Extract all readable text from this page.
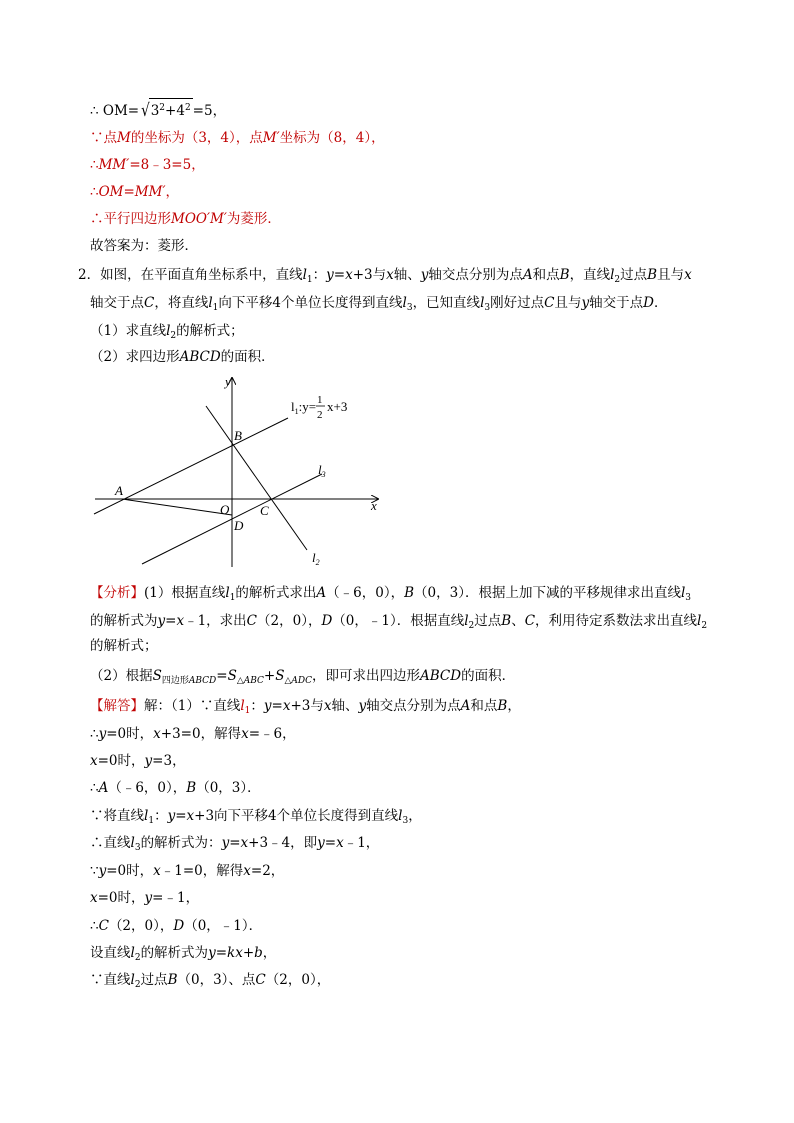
∴ $OM= √3^2+4^2 =5$，
∵点M的坐标为（3，4），点M′坐标为（8，4），
∴MM′=8﹣3=5，
∴OM=MM′，
∴平行四边形MOO′M′为菱形．
故答案为：菱形．
2．如图，在平面直角坐标系中，直线$l_1$：y=x+3与x轴、y轴交点分别为点A和点B，直线$l_2$过点B且与x
轴交于点C，将直线$l_1$向下平移4个单位长度得到直线$l_3$，已知直线$l_3$刚好过点C且与y轴交于点D．
（1）求直线$l_2$的解析式；
（2）求四边形ABCD的面积．
y
x
$l_1:y= 1$
2
x+3
$l_3$
$l_2$
A
B
C
D
O
【分析】(1）根据直线$l_1$的解析式求出A（﹣6，0），B（0，3）．根据上加下减的平移规律求出直线$l_3$
的解析式为y=x﹣1，求出C（2，0），D（0，﹣1）．根据直线$l_2$过点B、C，利用待定系数法求出直线$l_2$
的解析式；
（2）根据$S_{四边形ABCD}=S_{\triangle ABC}+S_{\triangle ADC}$，即可求出四边形ABCD的面积．
【解答】解：（1）∵直线$l_1$：y=x+3与x轴、y轴交点分别为点A和点B，
∴y=0时，x+3=0，解得x=﹣6，
x=0时，y=3，
∴A（﹣6，0），B（0，3）．
∵将直线$l_1$：y=x+3向下平移4个单位长度得到直线$l_3$，
∴直线$l_3$的解析式为：y=x+3﹣4，即y=x﹣1，
∵y=0时，x﹣1=0，解得x=2，
x=0时，y=﹣1，
∴C（2，0），D（0，﹣1）．
设直线$l_2$的解析式为y=kx+b，
∵直线$l_2$过点B（0，3）、点C（2，0），
